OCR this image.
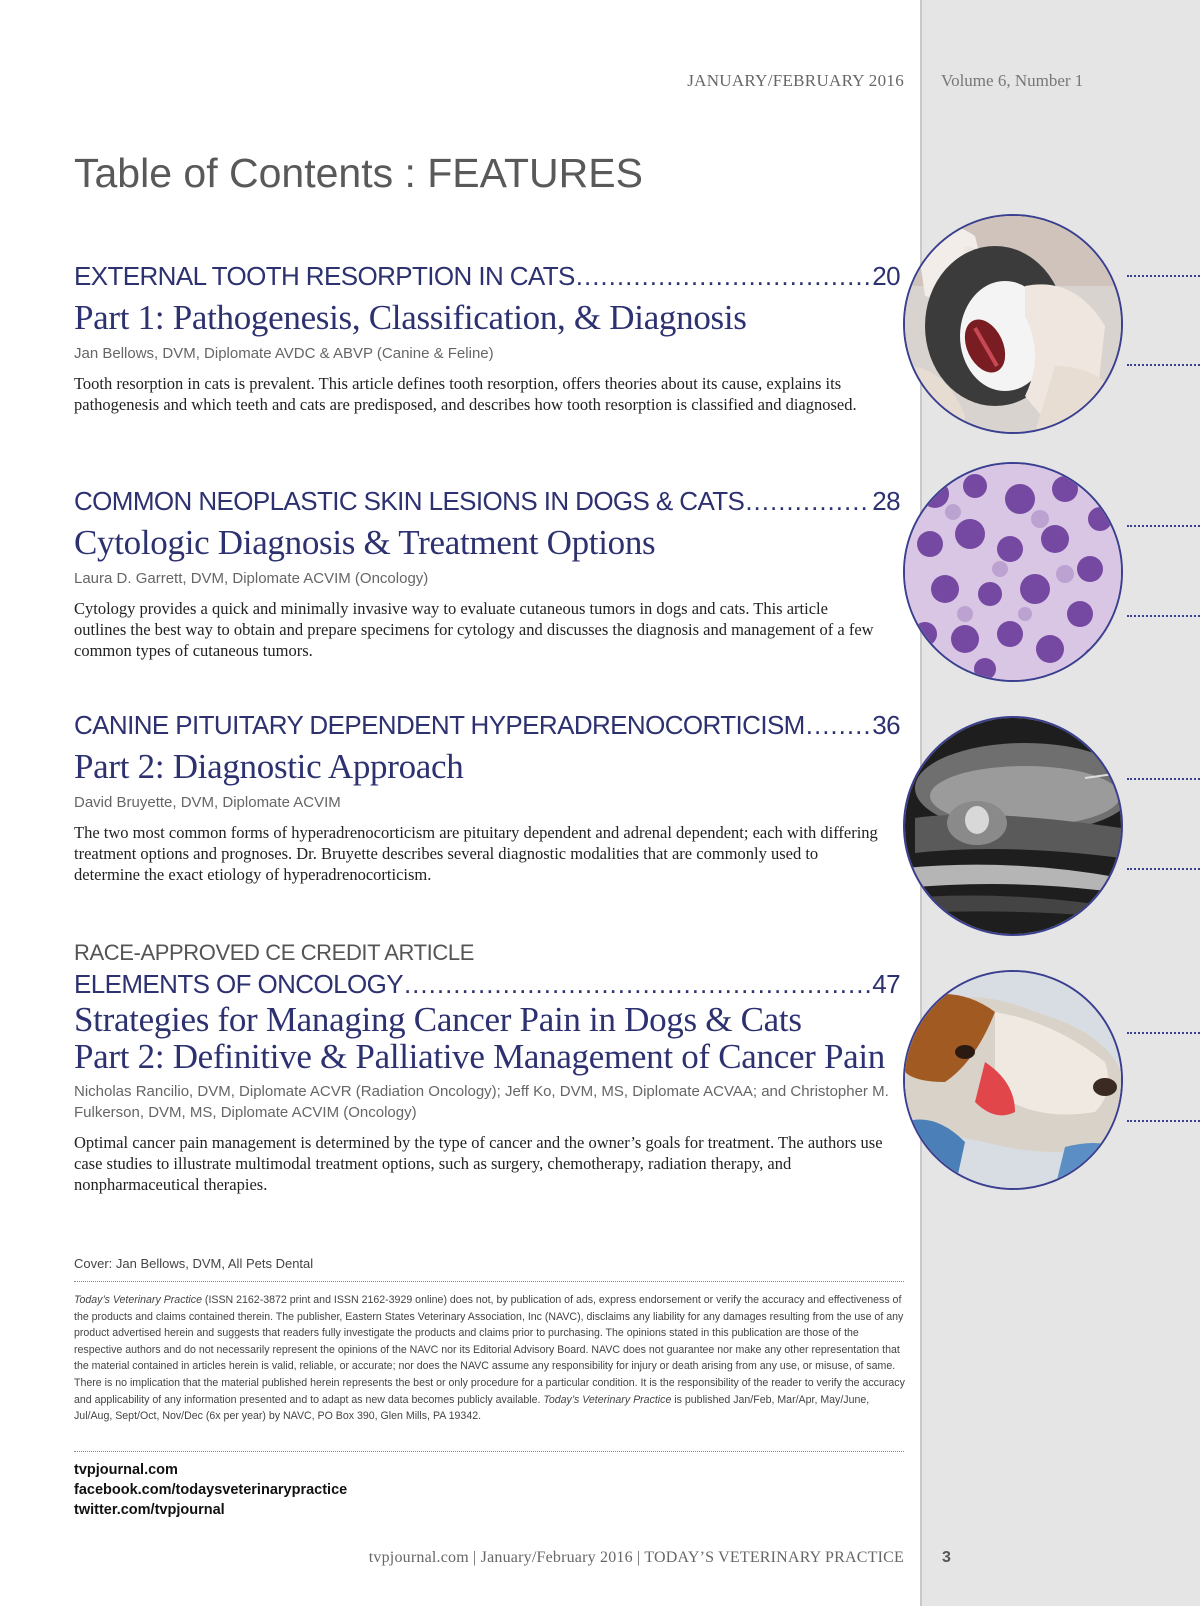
JANUARY/FEBRUARY 2016 Volume 6, Number 1
Table of Contents : FEATURES
EXTERNAL TOOTH RESORPTION IN CATS .....	20
Part 1: Pathogenesis, Classification, & Diagnosis
Jan Bellows, DVM, Diplomate AVDC & ABVP (Canine & Feline)
Tooth resorption in cats is prevalent. This article defines tooth resorption, offers theories about its cause, explains its pathogenesis and which teeth and cats are predisposed, and describes how tooth resorption is classified and diagnosed.
COMMON NEOPLASTIC SKIN LESIONS IN DOGS & CATS .....	28
Cytologic Diagnosis & Treatment Options
Laura D. Garrett, DVM, Diplomate ACVIM (Oncology)
Cytology provides a quick and minimally invasive way to evaluate cutaneous tumors in dogs and cats. This article outlines the best way to obtain and prepare specimens for cytology and discusses the diagnosis and management of a few common types of cutaneous tumors.
CANINE PITUITARY DEPENDENT HYPERADRENOCORTICISM .....	36
Part 2: Diagnostic Approach
David Bruyette, DVM, Diplomate ACVIM
The two most common forms of hyperadrenocorticism are pituitary dependent and adrenal dependent; each with differing treatment options and prognoses. Dr. Bruyette describes several diagnostic modalities that are commonly used to determine the exact etiology of hyperadrenocorticism.
RACE-APPROVED CE CREDIT ARTICLE
ELEMENTS OF ONCOLOGY .....	47
Strategies for Managing Cancer Pain in Dogs & Cats
Part 2: Definitive & Palliative Management of Cancer Pain
Nicholas Rancilio, DVM, Diplomate ACVR (Radiation Oncology); Jeff Ko, DVM, MS, Diplomate ACVAA; and Christopher M. Fulkerson, DVM, MS, Diplomate ACVIM (Oncology)
Optimal cancer pain management is determined by the type of cancer and the owner’s goals for treatment. The authors use case studies to illustrate multimodal treatment options, such as surgery, chemotherapy, radiation therapy, and nonpharmaceutical therapies.
Cover: Jan Bellows, DVM, All Pets Dental

Today’s Veterinary Practice (ISSN 2162-3872 print and ISSN 2162-3929 online) does not, by publication of ads, express endorsement or verify the accuracy and effectiveness of the products and claims contained therein. The publisher, Eastern States Veterinary Association, Inc (NAVC), disclaims any liability for any damages resulting from the use of any product advertised herein and suggests that readers fully investigate the products and claims prior to purchasing. The opinions stated in this publication are those of the respective authors and do not necessarily represent the opinions of the NAVC nor its Editorial Advisory Board. NAVC does not guarantee nor make any other representation that the material contained in articles herein is valid, reliable, or accurate; nor does the NAVC assume any responsibility for injury or death arising from any use, or misuse, of same. There is no implication that the material published herein represents the best or only procedure for a particular condition. It is the responsibility of the reader to verify the accuracy and applicability of any information presented and to adapt as new data becomes publicly available. Today’s Veterinary Practice is published Jan/Feb, Mar/Apr, May/June, Jul/Aug, Sept/Oct, Nov/Dec (6x per year) by NAVC, PO Box 390, Glen Mills, PA 19342.

tvpjournal.com
facebook.com/todaysveterinarypractice
twitter.com/tvpjournal
tvpjournal.com | January/February 2016 | TODAY’S VETERINARY PRACTICE 3
